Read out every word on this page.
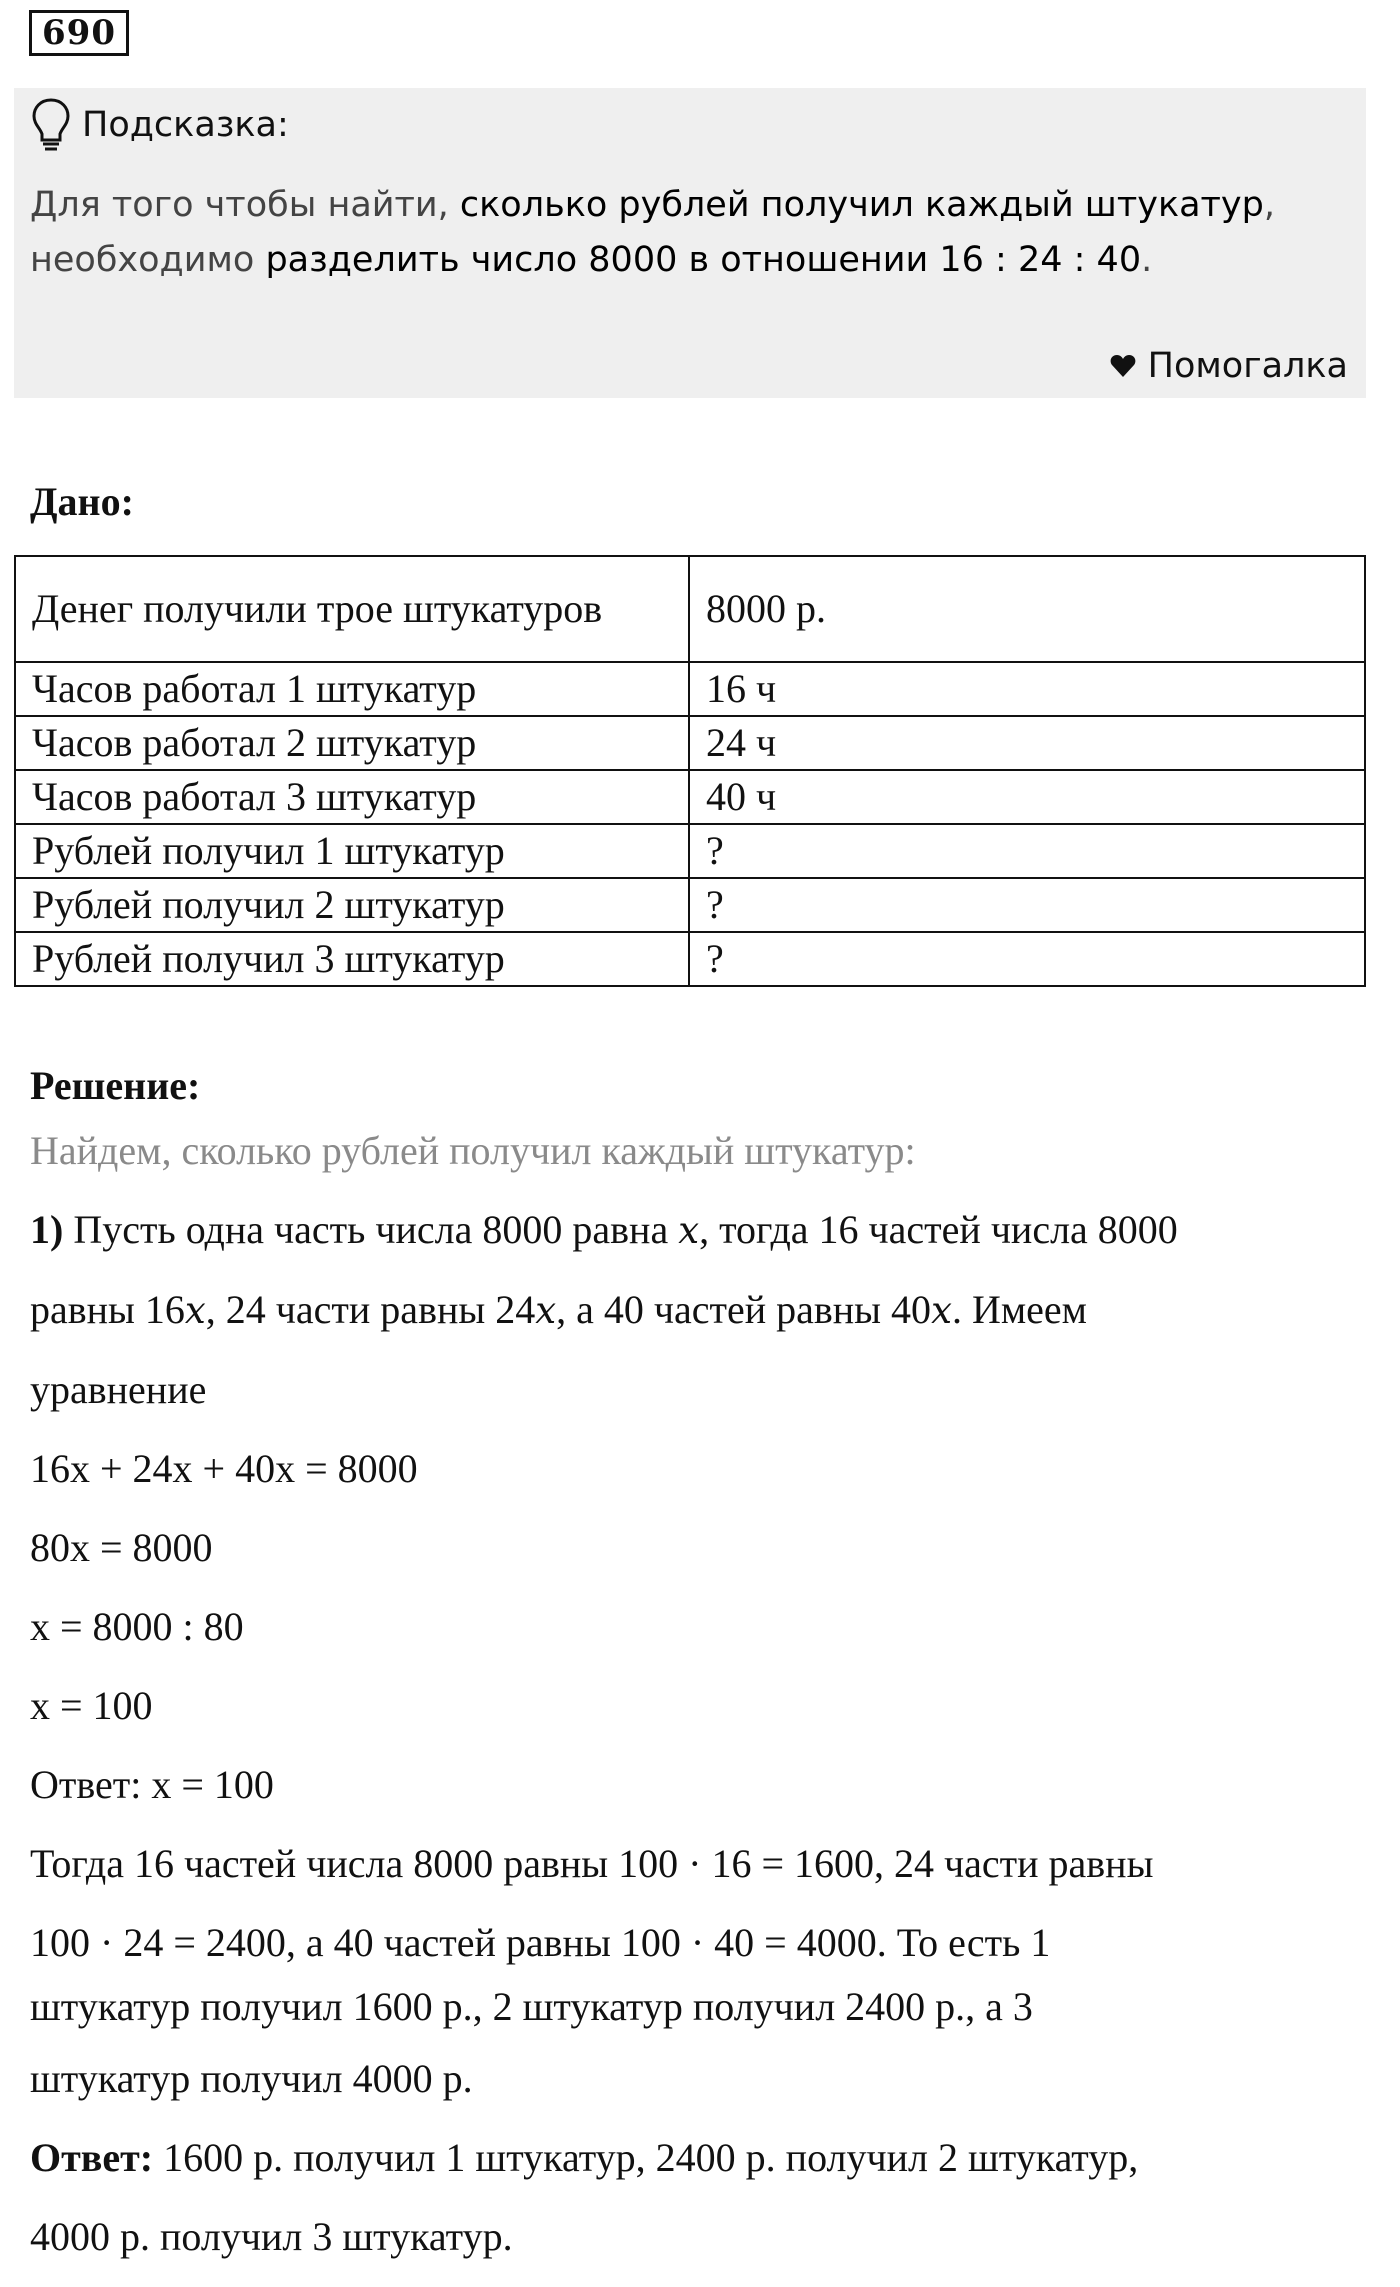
690
Подсказка:
Для того чтобы найти, сколько рублей получил каждый штукатур,
необходимо разделить число 8000 в отношении 16 : 24 : 40.
Помогалка
Дано:
Денег получили трое штукатуров	8000 р.
Часов работал 1 штукатур	16 ч
Часов работал 2 штукатур	24 ч
Часов работал 3 штукатур	40 ч
Рублей получил 1 штукатур	?
Рублей получил 2 штукатур	?
Рублей получил 3 штукатур	?
Решение:

Найдем, сколько рублей получил каждый штукатур:

1) Пусть одна часть числа 8000 равна x, тогда 16 частей числа 8000

равны 16x, 24 части равны 24x, а 40 частей равны 40x. Имеем

уравнение

16x + 24x + 40x = 8000

80x = 8000

x = 8000 : 80

x = 100

Ответ: x = 100

Тогда 16 частей числа 8000 равны 100 · 16 = 1600, 24 части равны

100 · 24 = 2400, а 40 частей равны 100 · 40 = 4000. То есть 1

штукатур получил 1600 р., 2 штукатур получил 2400 р., а 3

штукатур получил 4000 р.

Ответ: 1600 р. получил 1 штукатур, 2400 р. получил 2 штукатур,

4000 р. получил 3 штукатур.
